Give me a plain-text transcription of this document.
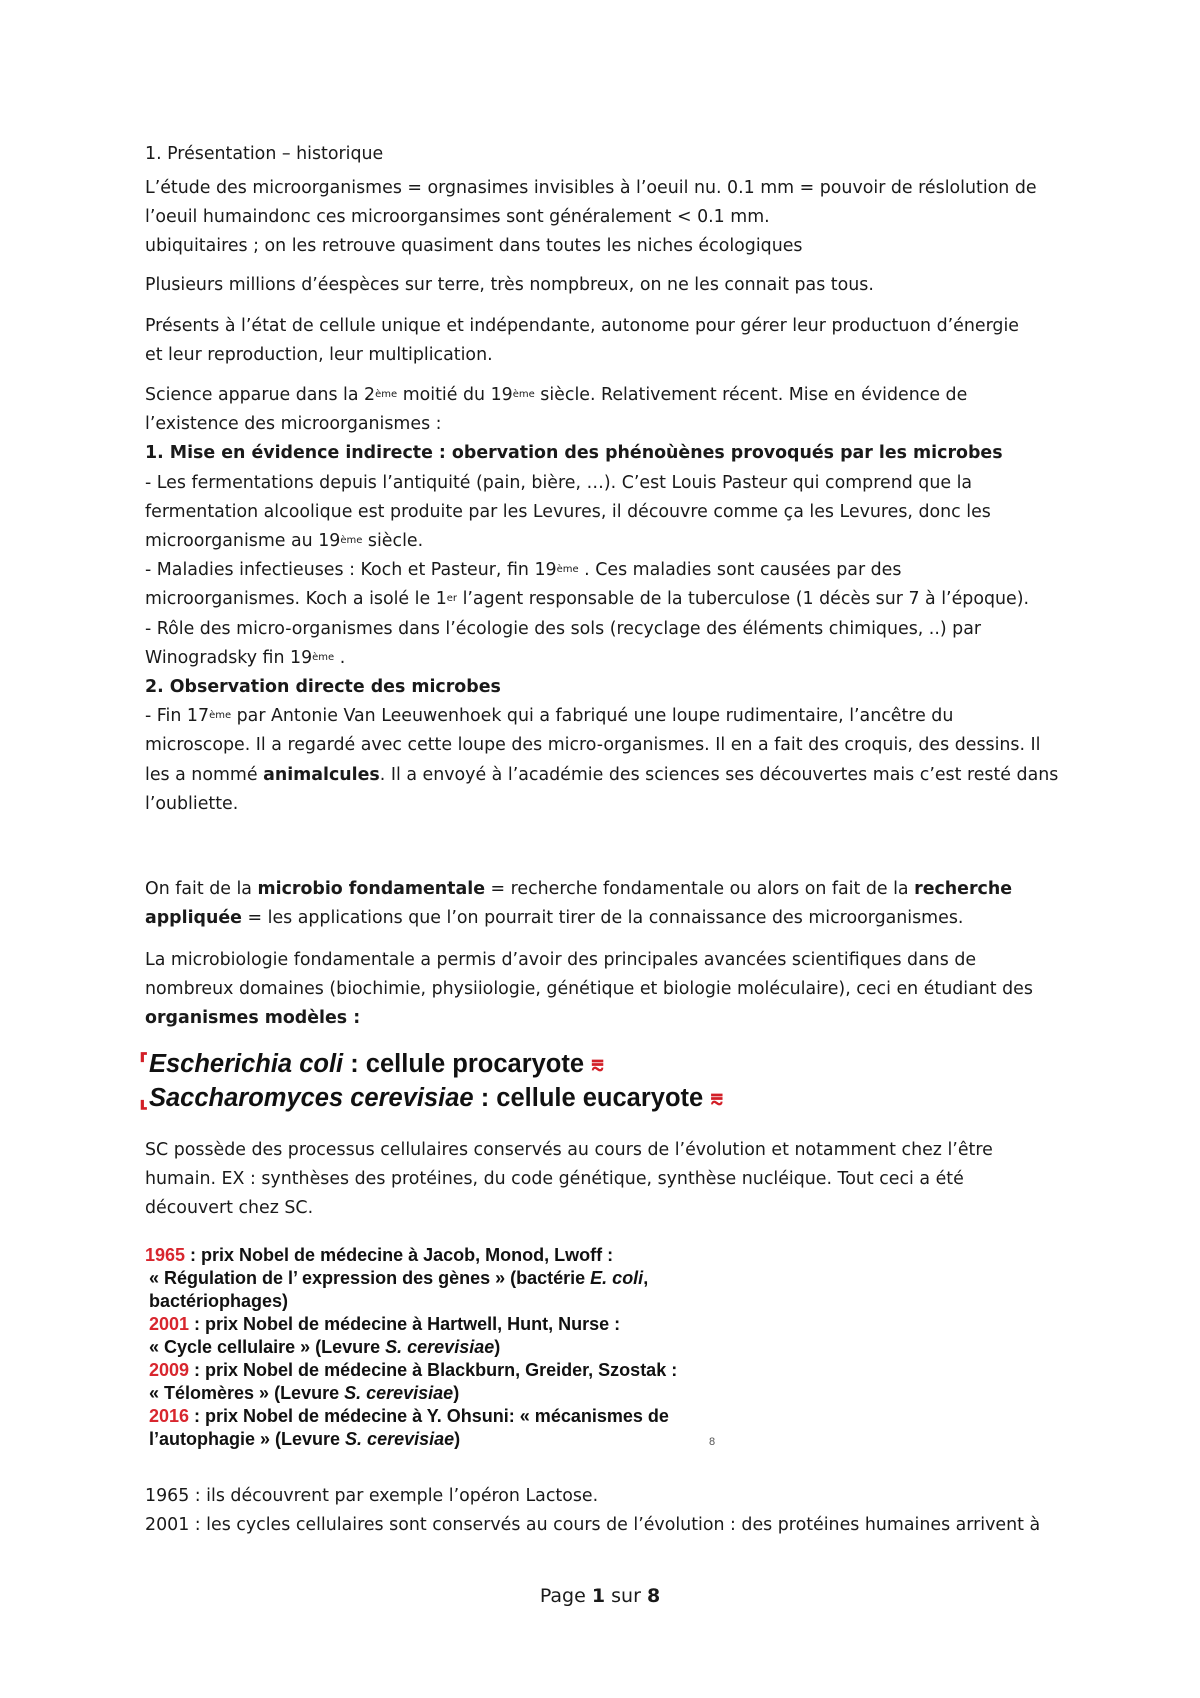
1. Présentation – historique

L’étude des microorganismes = orgnasimes invisibles à l’oeuil nu. 0.1 mm = pouvoir de réslolution de

l’oeuil humaindonc ces microorgansimes sont généralement < 0.1 mm.

ubiquitaires ; on les retrouve quasiment dans toutes les niches écologiques

Plusieurs millions d’éespèces sur terre, très nompbreux, on ne les connait pas tous.

Présents à l’état de cellule unique et indépendante, autonome pour gérer leur productuon d’énergie

et leur reproduction, leur multiplication.

Science apparue dans la 2ème moitié du 19ème siècle. Relativement récent. Mise en évidence de

l’existence des microorganismes :

1. Mise en évidence indirecte : obervation des phénoùènes provoqués par les microbes

- Les fermentations depuis l’antiquité (pain, bière, …). C’est Louis Pasteur qui comprend que la

fermentation alcoolique est produite par les Levures, il découvre comme ça les Levures, donc les

microorganisme au 19ème siècle.

- Maladies infectieuses : Koch et Pasteur, fin 19ème . Ces maladies sont causées par des

microorganismes. Koch a isolé le 1er l’agent responsable de la tuberculose (1 décès sur 7 à l’époque).

- Rôle des micro-organismes dans l’écologie des sols (recyclage des éléments chimiques, ..) par

Winogradsky fin 19ème .

2. Observation directe des microbes

- Fin 17ème par Antonie Van Leeuwenhoek qui a fabriqué une loupe rudimentaire, l’ancêtre du

microscope. Il a regardé avec cette loupe des micro-organismes. Il en a fait des croquis, des dessins. Il

les a nommé animalcules. Il a envoyé à l’académie des sciences ses découvertes mais c’est resté dans

l’oubliette.

On fait de la microbio fondamentale = recherche fondamentale ou alors on fait de la recherche

appliquée = les applications que l’on pourrait tirer de la connaissance des microorganismes.

La microbiologie fondamentale a permis d’avoir des principales avancées scientifiques dans de

nombreux domaines (biochimie, physiiologie, génétique et biologie moléculaire), ceci en étudiant des

organismes modèles :

⸢Escherichia coli : cellule procaryote ⩳
⸤Saccharomyces cerevisiae : cellule eucaryote ⩳

SC possède des processus cellulaires conservés au cours de l’évolution et notamment chez l’être

humain. EX : synthèses des protéines, du code génétique, synthèse nucléique. Tout ceci a été

découvert chez SC.

1965 : prix Nobel de médecine à Jacob, Monod, Lwoff :
« Régulation de l’ expression des gènes » (bactérie E. coli,
bactériophages)
2001 : prix Nobel de médecine à Hartwell, Hunt, Nurse :
« Cycle cellulaire » (Levure S. cerevisiae)
2009 : prix Nobel de médecine à Blackburn, Greider, Szostak :
« Télomères » (Levure S. cerevisiae)
2016 : prix Nobel de médecine à Y. Ohsuni: « mécanismes de
l’autophagie » (Levure S. cerevisiae)	8

1965 : ils découvrent par exemple l’opéron Lactose.

2001 : les cycles cellulaires sont conservés au cours de l’évolution : des protéines humaines arrivent à

Page 1 sur 8
